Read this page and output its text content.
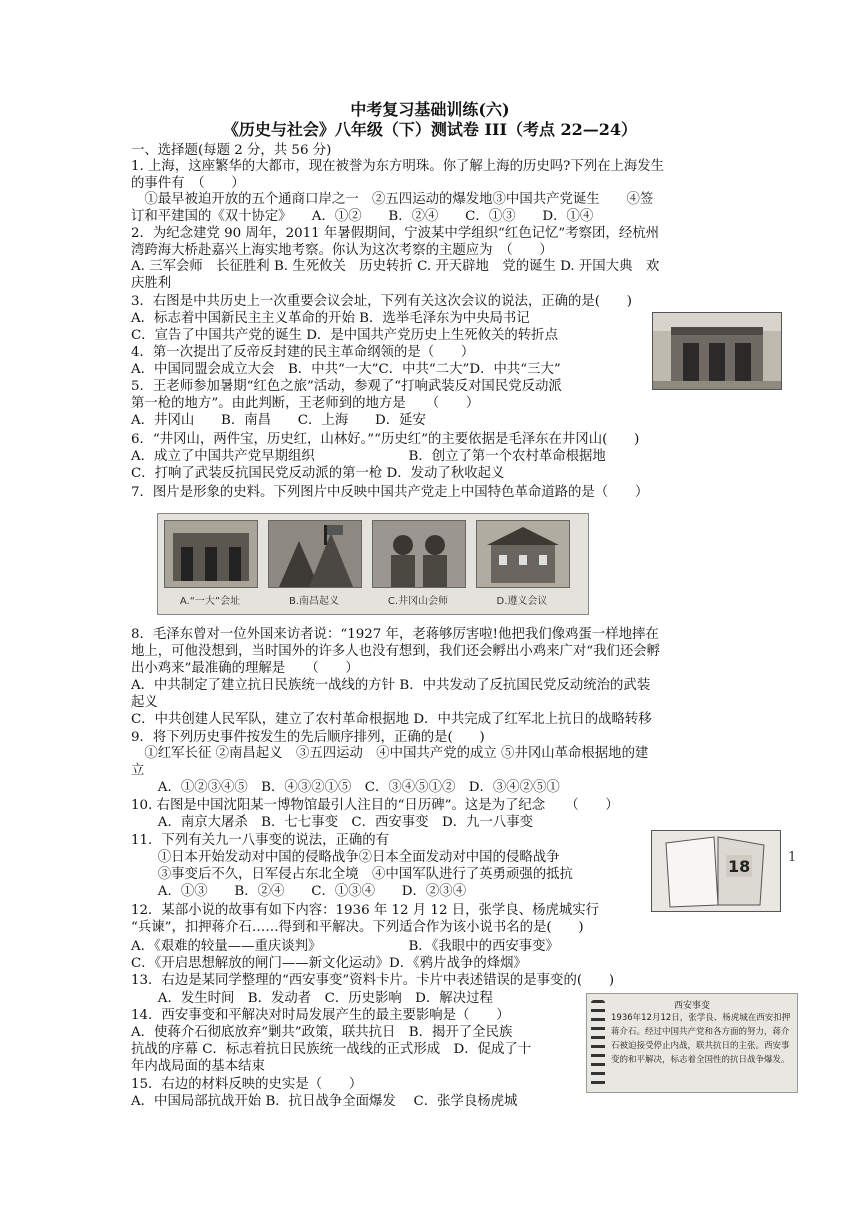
中考复习基础训练(六)
《历史与社会》八年级（下）测试卷 III（考点 22—24）
一、选择题(每题 2 分，共 56 分)
1. 上海，这座繁华的大都市，现在被誉为东方明珠。你了解上海的历史吗?下列在上海发生
的事件有　（　　）
　①最早被迫开放的五个通商口岸之一　②五四运动的爆发地③中国共产党诞生　　④签
订和平建国的《双十协定》　　A．①②　　B．②④　　C．①③　　D．①④
2．为纪念建党 90 周年，2011 年暑假期间，宁波某中学组织“红色记忆”考察团，经杭州
湾跨海大桥赴嘉兴上海实地考察。你认为这次考察的主题应为　（　　）
A. 三军会师　长征胜利 B. 生死攸关　历史转折 C. 开天辟地　党的诞生 D. 开国大典　欢
庆胜利
3．右图是中共历史上一次重要会议会址，下列有关这次会议的说法，正确的是(　　)
A．标志着中国新民主主义革命的开始 B．选举毛泽东为中央局书记
C．宣告了中国共产党的诞生 D．是中国共产党历史上生死攸关的转折点
4．第一次提出了反帝反封建的民主革命纲领的是（　　）
A．中国同盟会成立大会　B．中共“一大”C．中共“二大”D．中共“三大”
5．王老师参加暑期“红色之旅”活动，参观了“打响武装反对国民党反动派
第一枪的地方”。由此判断，王老师到的地方是　　（　　）
A．井冈山　　B．南昌　　C．上海　　D．延安
6．“井冈山，两件宝，历史红，山林好。”“历史红”的主要依据是毛泽东在井冈山(　　)
A．成立了中国共产党早期组织　　　　　　　B．创立了第一个农村革命根据地
C．打响了武装反抗国民党反动派的第一枪 D．发动了秋收起义
7．图片是形象的史料。下列图片中反映中国共产党走上中国特色革命道路的是（　　）
8．毛泽东曾对一位外国来访者说：“1927 年，老蒋够厉害啦!他把我们像鸡蛋一样地摔在
地上，可他没想到，当时国外的许多人也没有想到，我们还会孵出小鸡来广对“我们还会孵
出小鸡来”最准确的理解是　　（　　）
A．中共制定了建立抗日民族统一战线的方针 B．中共发动了反抗国民党反动统治的武装
起义
C．中共创建人民军队，建立了农村革命根据地 D．中共完成了红军北上抗日的战略转移
9．将下列历史事件按发生的先后顺序排列，正确的是(　　)
　①红军长征 ②南昌起义　③五四运动　④中国共产党的成立 ⑤井冈山革命根据地的建
立
　　A．①②③④⑤　B．④③②①⑤　C．③④⑤①②　D．③④②⑤①
10. 右图是中国沈阳某一博物馆最引人注目的“日历碑”。这是为了纪念　　（　　）
　　A．南京大屠杀　B．七七事变　C．西安事变　D．九一八事变
11．下列有关九一八事变的说法，正确的有
　　①日本开始发动对中国的侵略战争②日本全面发动对中国的侵略战争
　　③事变后不久，日军侵占东北全境　④中国军队进行了英勇顽强的抵抗
　　A．①③　　B．②④　　C．①③④　　D．②③④
12．某部小说的故事有如下内容：1936 年 12 月 12 日，张学良、杨虎城实行
“兵谏”，扣押蒋介石……得到和平解决。下列适合作为该小说书名的是(　　)
A．《艰难的较量——重庆谈判》　　　　　　　B．《我眼中的西安事变》
C．《开启思想解放的闸门——新文化运动》D．《鸦片战争的烽烟》
13．右边是某同学整理的“西安事变”资料卡片。卡片中表述错误的是事变的(　　)
　　A．发生时间　B．发动者　C．历史影响　D．解决过程
14．西安事变和平解决对时局发展产生的最主要影响是（　　）
A．使蒋介石彻底放弃“剿共”政策，联共抗日　B．揭开了全民族
抗战的序幕 C．标志着抗日民族统一战线的正式形成　D．促成了十
年内战局面的基本结束
15．右边的材料反映的史实是（　　）
A．中国局部抗战开始 B．抗日战争全面爆发　 C．张学良杨虎城
A.“一大”会址	B.南昌起义	C.井冈山会师	D.遵义会议
18	1
西安事变
1936年12月12日，张学良、杨虎城在西安扣押蒋介石。经过中国共产党和各方面的努力，蒋介石被迫接受停止内战，联共抗日的主张。西安事变的和平解决，标志着全国性的抗日战争爆发。
